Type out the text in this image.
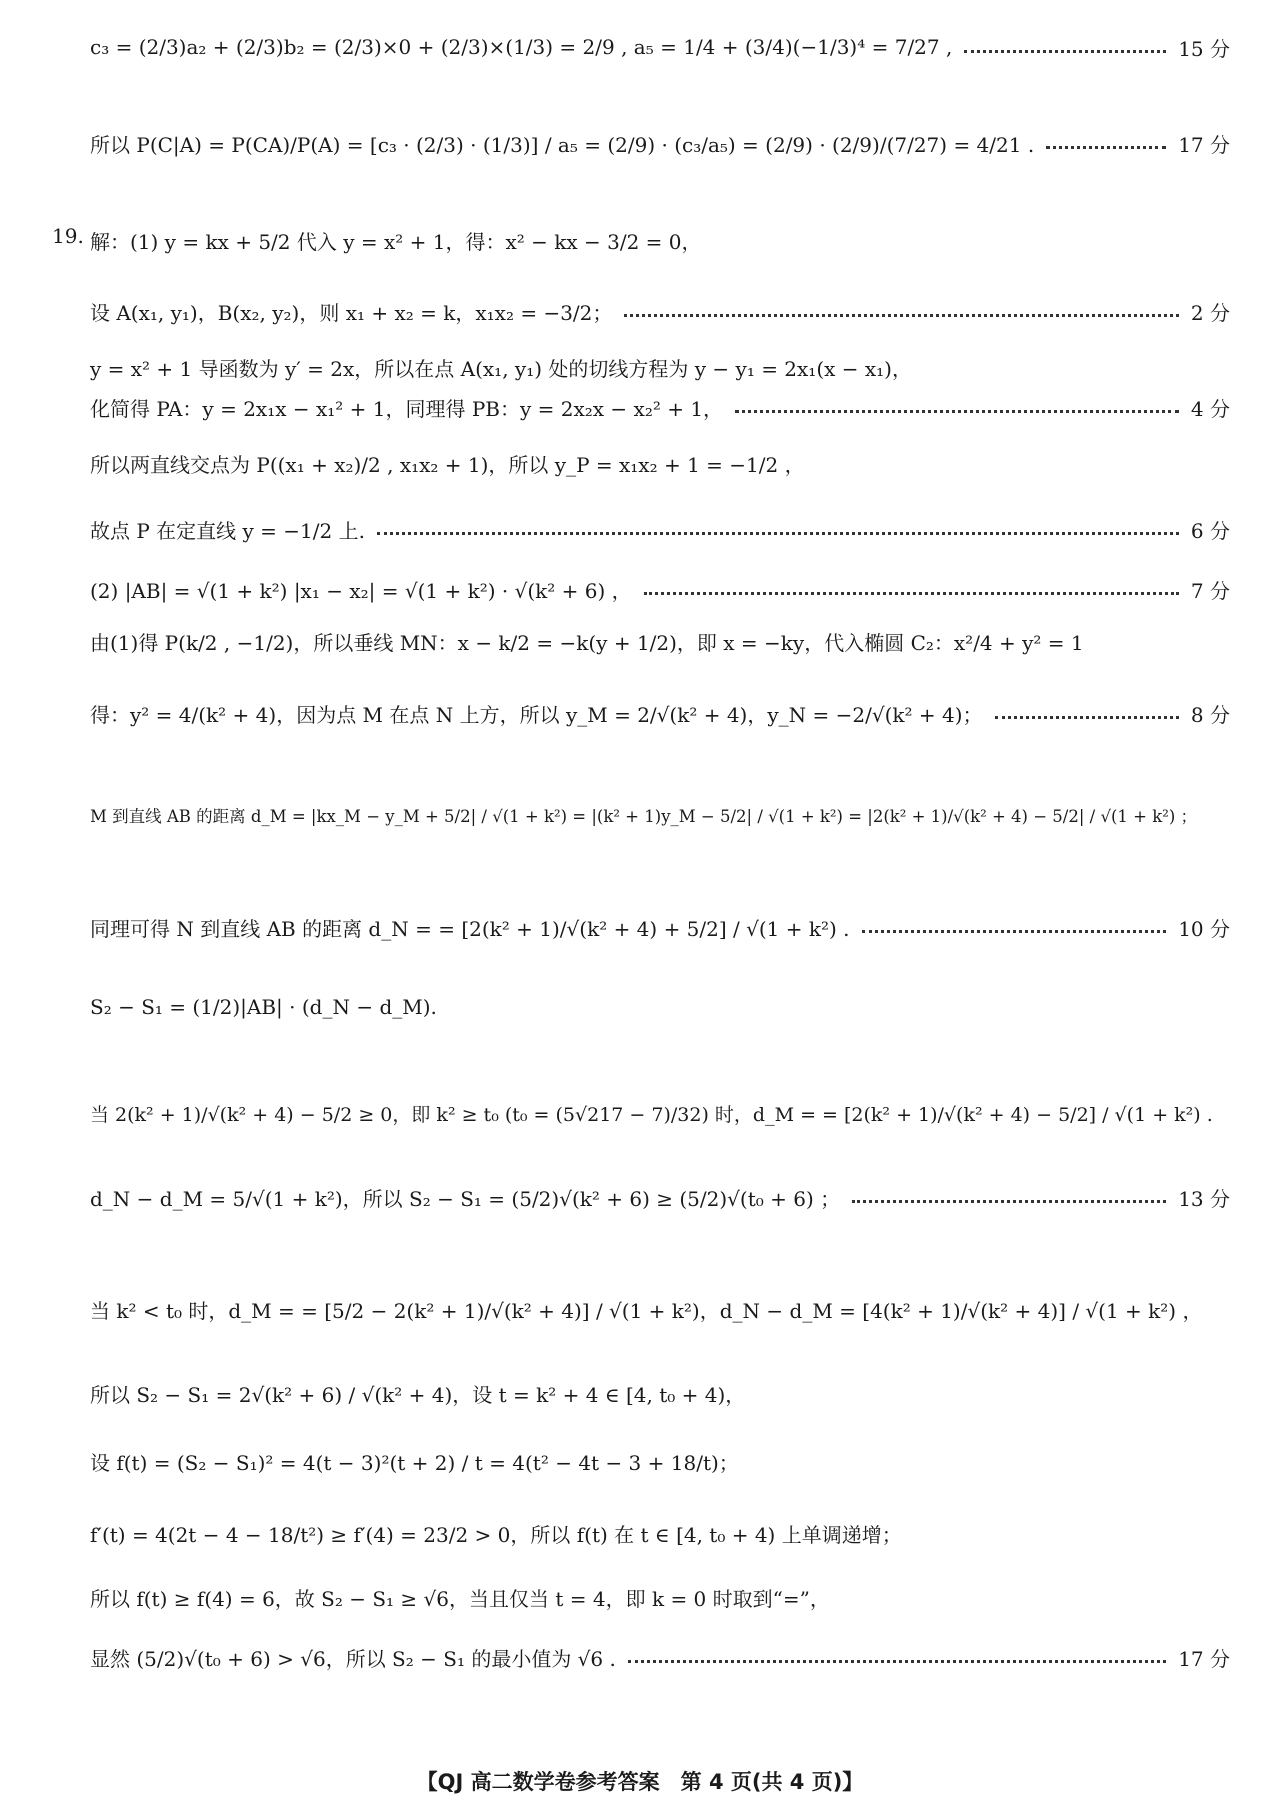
c₃ = (2/3)a₂ + (2/3)b₂ = (2/3)×0 + (2/3)×(1/3) = 2/9 , a₅ = 1/4 + (3/4)(−1/3)⁴ = 7/27 ,	15 分
所以 P(C|A) = P(CA)/P(A) = [c₃ · (2/3) · (1/3)] / a₅ = (2/9) · (c₃/a₅) = (2/9) · (2/9)/(7/27) = 4/21 .	17 分
19. 解：(1) y = kx + 5/2 代入 y = x² + 1，得：x² − kx − 3/2 = 0，
设 A(x₁, y₁)，B(x₂, y₂)，则 x₁ + x₂ = k，x₁x₂ = −3/2；	2 分
y = x² + 1 导函数为 y′ = 2x，所以在点 A(x₁, y₁) 处的切线方程为 y − y₁ = 2x₁(x − x₁)，
化简得 PA：y = 2x₁x − x₁² + 1，同理得 PB：y = 2x₂x − x₂² + 1，	4 分
所以两直线交点为 P((x₁ + x₂)/2 , x₁x₂ + 1)，所以 y_P = x₁x₂ + 1 = −1/2 ，
故点 P 在定直线 y = −1/2 上.	6 分
(2) |AB| = √(1 + k²) |x₁ − x₂| = √(1 + k²) · √(k² + 6) ，	7 分
由(1)得 P(k/2 , −1/2)，所以垂线 MN：x − k/2 = −k(y + 1/2)，即 x = −ky，代入椭圆 C₂：x²/4 + y² = 1
得：y² = 4/(k² + 4)，因为点 M 在点 N 上方，所以 y_M = 2/√(k² + 4)，y_N = −2/√(k² + 4)；	8 分
M 到直线 AB 的距离 d_M = |kx_M − y_M + 5/2| / √(1 + k²) = |(k² + 1)y_M − 5/2| / √(1 + k²) = |2(k² + 1)/√(k² + 4) − 5/2| / √(1 + k²) ；
同理可得 N 到直线 AB 的距离 d_N = = [2(k² + 1)/√(k² + 4) + 5/2] / √(1 + k²) .	10 分
S₂ − S₁ = (1/2)|AB| · (d_N − d_M).
当 2(k² + 1)/√(k² + 4) − 5/2 ≥ 0，即 k² ≥ t₀ (t₀ = (5√217 − 7)/32) 时，d_M = = [2(k² + 1)/√(k² + 4) − 5/2] / √(1 + k²) .
d_N − d_M = 5/√(1 + k²)，所以 S₂ − S₁ = (5/2)√(k² + 6) ≥ (5/2)√(t₀ + 6) ；	13 分
当 k² < t₀ 时，d_M = = [5/2 − 2(k² + 1)/√(k² + 4)] / √(1 + k²)，d_N − d_M = [4(k² + 1)/√(k² + 4)] / √(1 + k²) ，
所以 S₂ − S₁ = 2√(k² + 6) / √(k² + 4)，设 t = k² + 4 ∈ [4, t₀ + 4)，
设 f(t) = (S₂ − S₁)² = 4(t − 3)²(t + 2) / t = 4(t² − 4t − 3 + 18/t)；
f′(t) = 4(2t − 4 − 18/t²) ≥ f′(4) = 23/2 > 0，所以 f(t) 在 t ∈ [4, t₀ + 4) 上单调递增；
所以 f(t) ≥ f(4) = 6，故 S₂ − S₁ ≥ √6，当且仅当 t = 4，即 k = 0 时取到“=”，
显然 (5/2)√(t₀ + 6) > √6，所以 S₂ − S₁ 的最小值为 √6 .	17 分
【QJ 高二数学卷参考答案　第 4 页(共 4 页)】
